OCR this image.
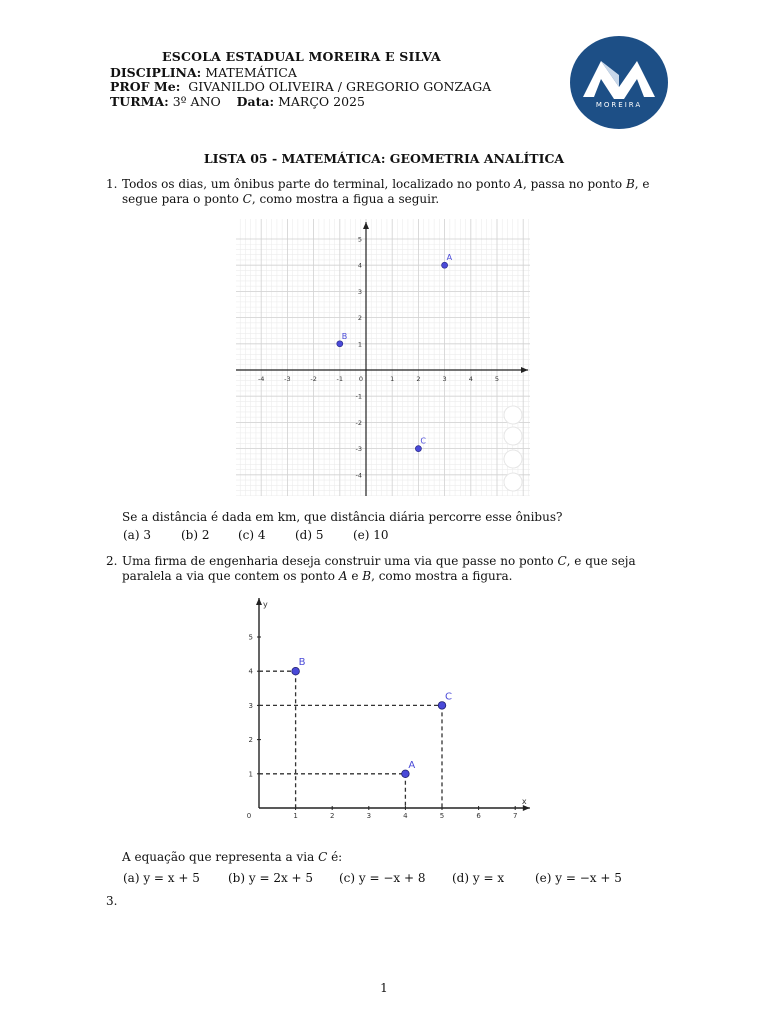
ESCOLA ESTADUAL MOREIRA E SILVA
DISCIPLINA: MATEMÁTICA
PROF Me: GIVANILDO OLIVEIRA / GREGORIO GONZAGA
TURMA: 3º ANO Data: MARÇO 2025	MOREIRA
LISTA 05 - MATEMÁTICA: GEOMETRIA ANALÍTICA
1. Todos os dias, um ônibus parte do terminal, localizado no ponto A, passa no ponto B, e segue para o ponto C, como mostra a figua a seguir.
-4	-3	-2	-1 0	1	2	3	4	5
5
4
3
2
1
-1
-2
-3
-4
A
B
C
Se a distância é dada em km, que distância diária percorre esse ônibus?
(a) 3	(b) 2 (c) 4 (d) 5 (e) 10
2. Uma firma de engenharia deseja construir uma via que passe no ponto C, e que seja paralela a via que contem os ponto A e B, como mostra a figura.
y
x
0	1	2	3	4	5	6	7
1
2
3
4
5
B
C
A
A equação que representa a via C é:
(a) y = x + 5 (b) y = 2x + 5 (c) y = −x + 8 (d) y = x	(e) y = −x + 5
3.
1
